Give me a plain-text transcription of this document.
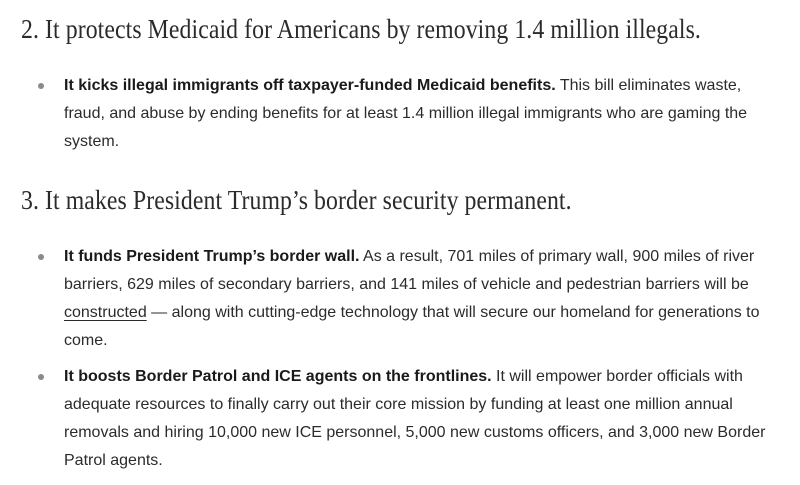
2. It protects Medicaid for Americans by removing 1.4 million illegals.
It kicks illegal immigrants off taxpayer-funded Medicaid benefits. This bill eliminates waste, fraud, and abuse by ending benefits for at least 1.4 million illegal immigrants who are gaming the system.
3. It makes President Trump’s border security permanent.
It funds President Trump’s border wall. As a result, 701 miles of primary wall, 900 miles of river barriers, 629 miles of secondary barriers, and 141 miles of vehicle and pedestrian barriers will be constructed — along with cutting-edge technology that will secure our homeland for generations to come.
It boosts Border Patrol and ICE agents on the frontlines. It will empower border officials with adequate resources to finally carry out their core mission by funding at least one million annual removals and hiring 10,000 new ICE personnel, 5,000 new customs officers, and 3,000 new Border Patrol agents.
